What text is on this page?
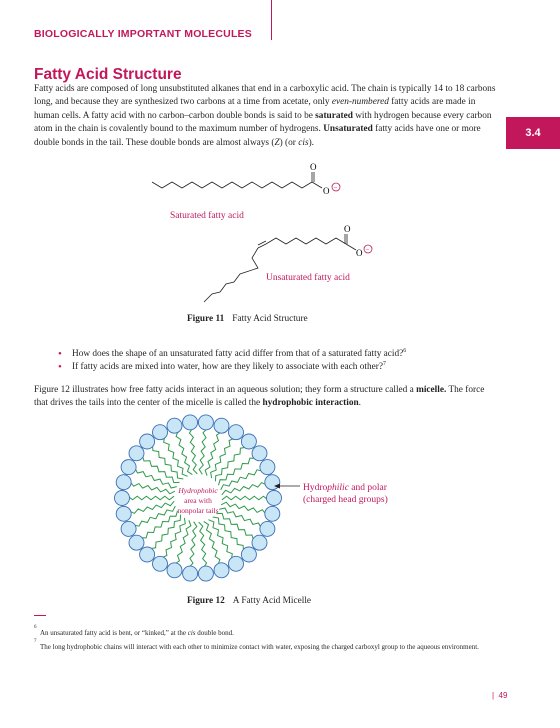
BIOLOGICALLY IMPORTANT MOLECULES
3.4
Fatty Acid Structure

Fatty acids are composed of long unsubstituted alkanes that end in a carboxylic acid. The chain is typically 14 to 18 carbons long, and because they are synthesized two carbons at a time from acetate, only even-numbered fatty acids are made in human cells. A fatty acid with no carbon–carbon double bonds is said to be saturated with hydrogen because every carbon atom in the chain is covalently bound to the maximum number of hydrogens. Unsaturated fatty acids have one or more double bonds in the tail. These double bonds are almost always (Z) (or cis).

O
O −
O
O −
Saturated fatty acid
Unsaturated fatty acid
Figure 11 Fatty Acid Structure
• How does the shape of an unsaturated fatty acid differ from that of a saturated fatty acid?$^6$
• If fatty acids are mixed into water, how are they likely to associate with each other?$^7$

Figure 12 illustrates how free fatty acids interact in an aqueous solution; they form a structure called a micelle. The force that drives the tails into the center of the micelle is called the hydrophobic interaction.

Hydrophobic
area with
nonpolar tails
Hydrophilic and polar
(charged head groups)
Figure 12 A Fatty Acid Micelle

6
An unsaturated fatty acid is bent, or “kinked,” at the cis double bond.

7
The long hydrophobic chains will interact with each other to minimize contact with water, exposing the charged carboxyl group to the aqueous environment.

|  49
